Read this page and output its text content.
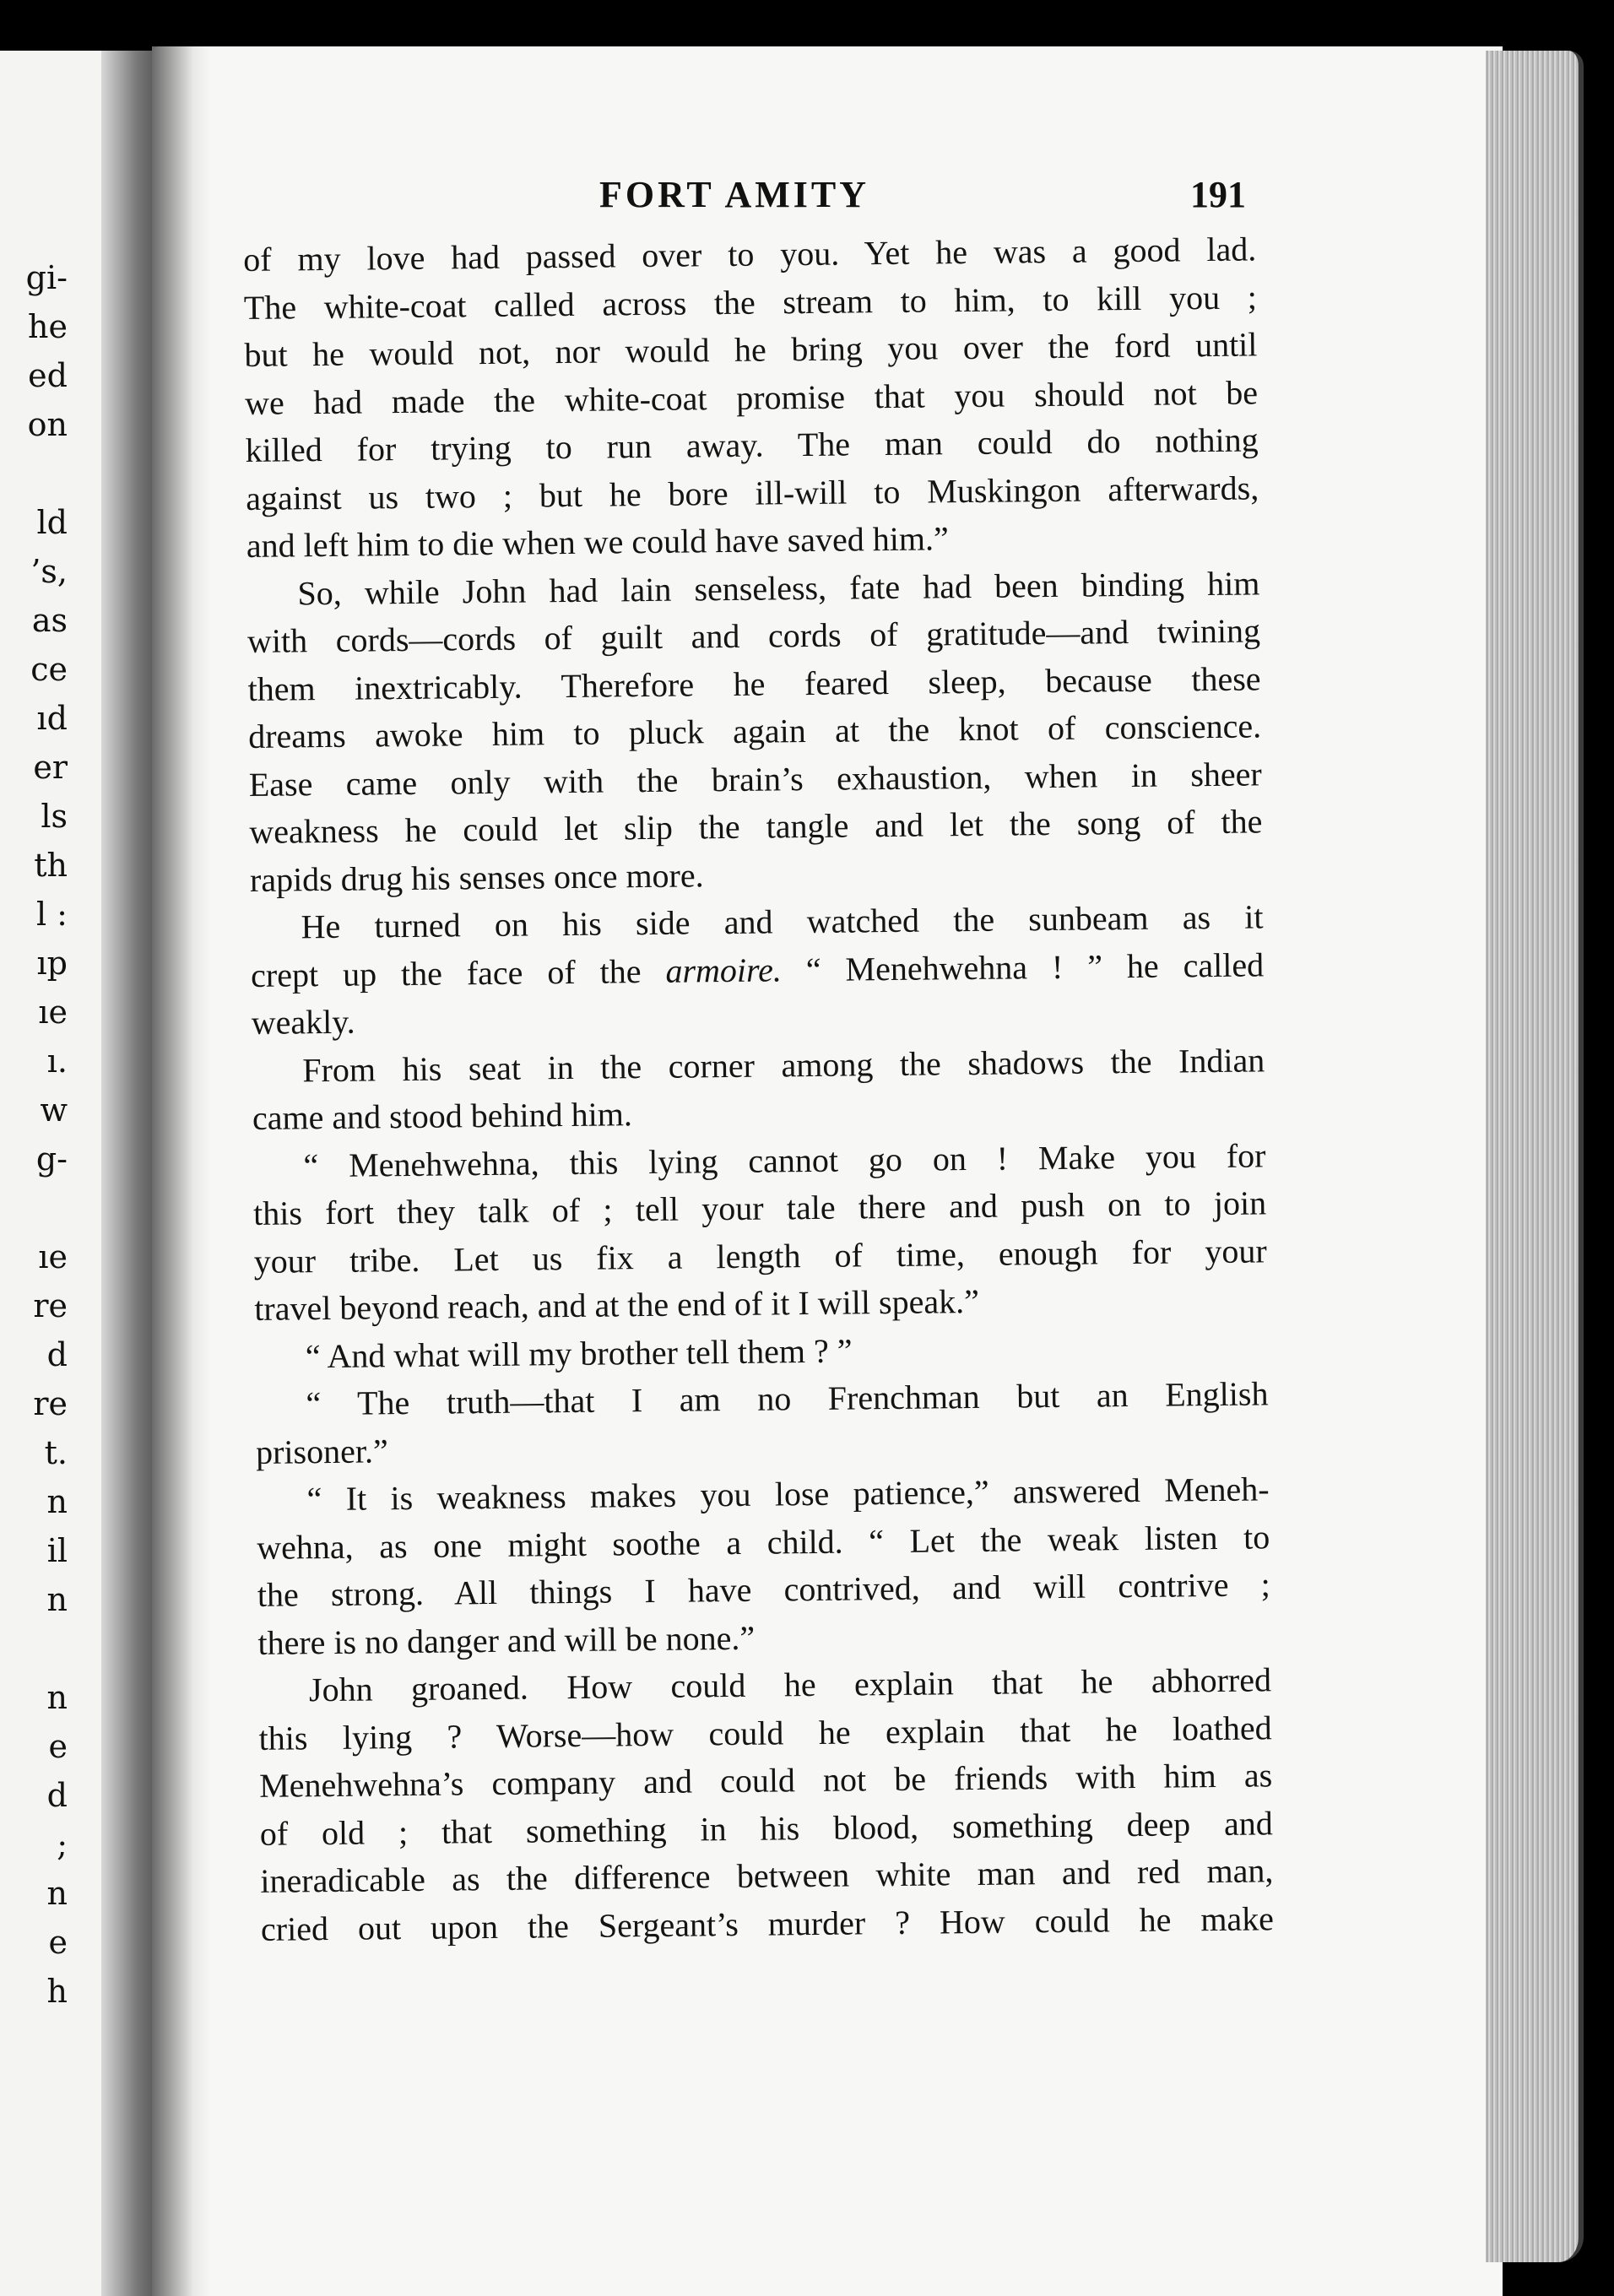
gi-
he
ed
on
ld
’s,
as
ce
ıd
er
ls
th
l :
ıp
ıe
ı.
w
g-
ıe
re
d
re
t.
n
il
n
n
e
d
;
n
e
h
FORT AMITY	191
of my love had passed over to you. Yet he was a good lad.
The white-coat called across the stream to him, to kill you ;
but he would not, nor would he bring you over the ford until
we had made the white-coat promise that you should not be
killed for trying to run away. The man could do nothing
against us two ; but he bore ill-will to Muskingon afterwards,
and left him to die when we could have saved him.”
So, while John had lain senseless, fate had been binding him
with cords—cords of guilt and cords of gratitude—and twining
them inextricably. Therefore he feared sleep, because these
dreams awoke him to pluck again at the knot of conscience.
Ease came only with the brain’s exhaustion, when in sheer
weakness he could let slip the tangle and let the song of the
rapids drug his senses once more.
He turned on his side and watched the sunbeam as it
crept up the face of the armoire. “ Menehwehna ! ” he called
weakly.
From his seat in the corner among the shadows the Indian
came and stood behind him.
“ Menehwehna, this lying cannot go on ! Make you for
this fort they talk of ; tell your tale there and push on to join
your tribe. Let us fix a length of time, enough for your
travel beyond reach, and at the end of it I will speak.”
“ And what will my brother tell them ? ”
“ The truth—that I am no Frenchman but an English
prisoner.”
“ It is weakness makes you lose patience,” answered Meneh-
wehna, as one might soothe a child. “ Let the weak listen to
the strong. All things I have contrived, and will contrive ;
there is no danger and will be none.”
John groaned. How could he explain that he abhorred
this lying ? Worse—how could he explain that he loathed
Menehwehna’s company and could not be friends with him as
of old ; that something in his blood, something deep and
ineradicable as the difference between white man and red man,
cried out upon the Sergeant’s murder ? How could he make
